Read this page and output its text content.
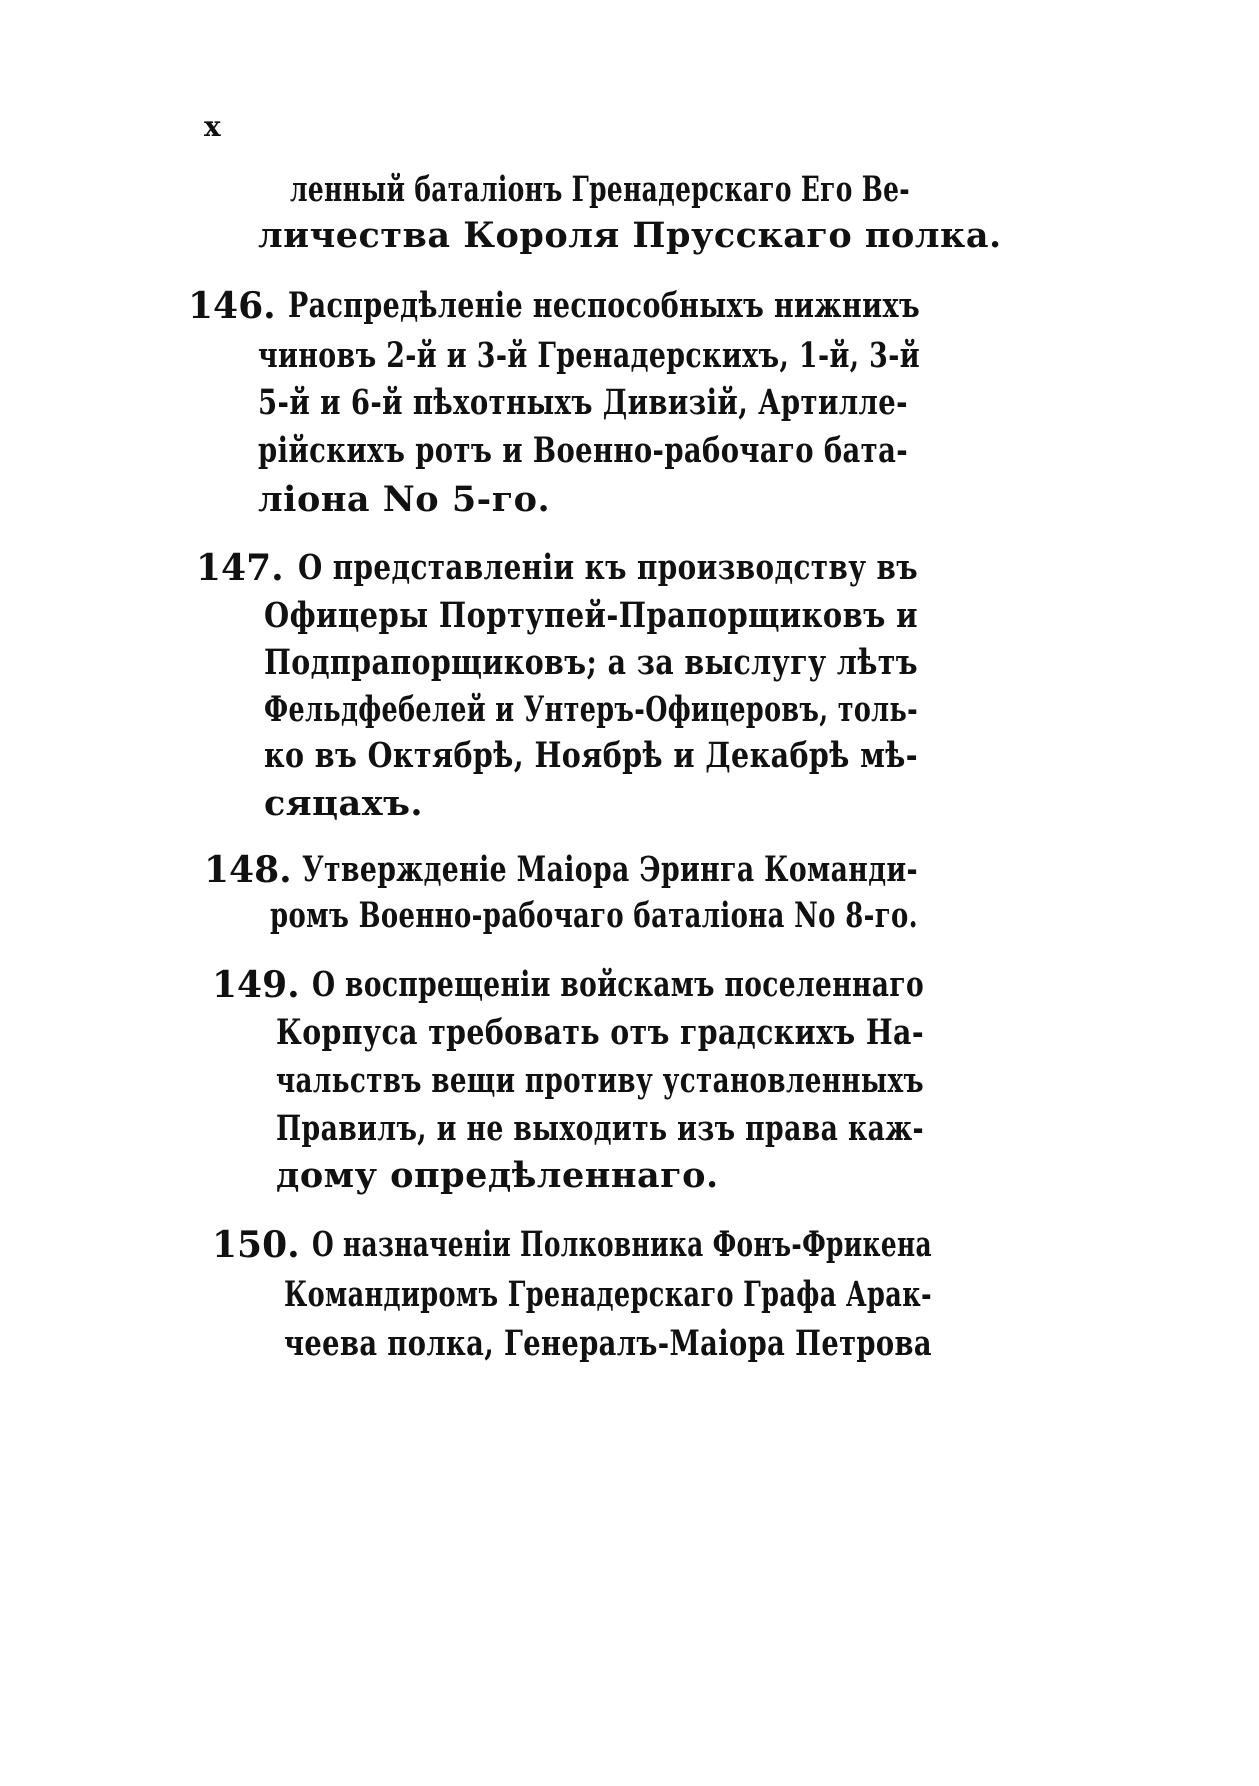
x
ленный баталіонъ Гренадерскаго Его Ве-
личества Короля Прусскаго полка.
146. Распредѣленіе неспособныхъ нижнихъ
чиновъ 2-й и 3-й Гренадерскихъ, 1-й, 3-й
5-й и 6-й пѣхотныхъ Дивизій, Артилле-
рійскихъ ротъ и Военно-рабочаго бата-
ліона No 5-го.
147. О представленіи къ производству въ
Офицеры Портупей-Прапорщиковъ и
Подпрапорщиковъ; а за выслугу лѣтъ
Фельдфебелей и Унтеръ-Офицеровъ, толь-
ко въ Октябрѣ, Ноябрѣ и Декабрѣ мѣ-
сяцахъ.
148. Утвержденіе Маіора Эринга Команди-
ромъ Военно-рабочаго баталіона No 8-го.
149. О воспрещеніи войскамъ поселеннаго
Корпуса требовать отъ градскихъ На-
чальствъ вещи противу установленныхъ
Правилъ, и не выходить изъ права каж-
дому опредѣленнаго.
150. О назначеніи Полковника Фонъ-Фрикена
Командиромъ Гренадерскаго Графа Арак-
чеева полка, Генералъ-Маіора Петрова
